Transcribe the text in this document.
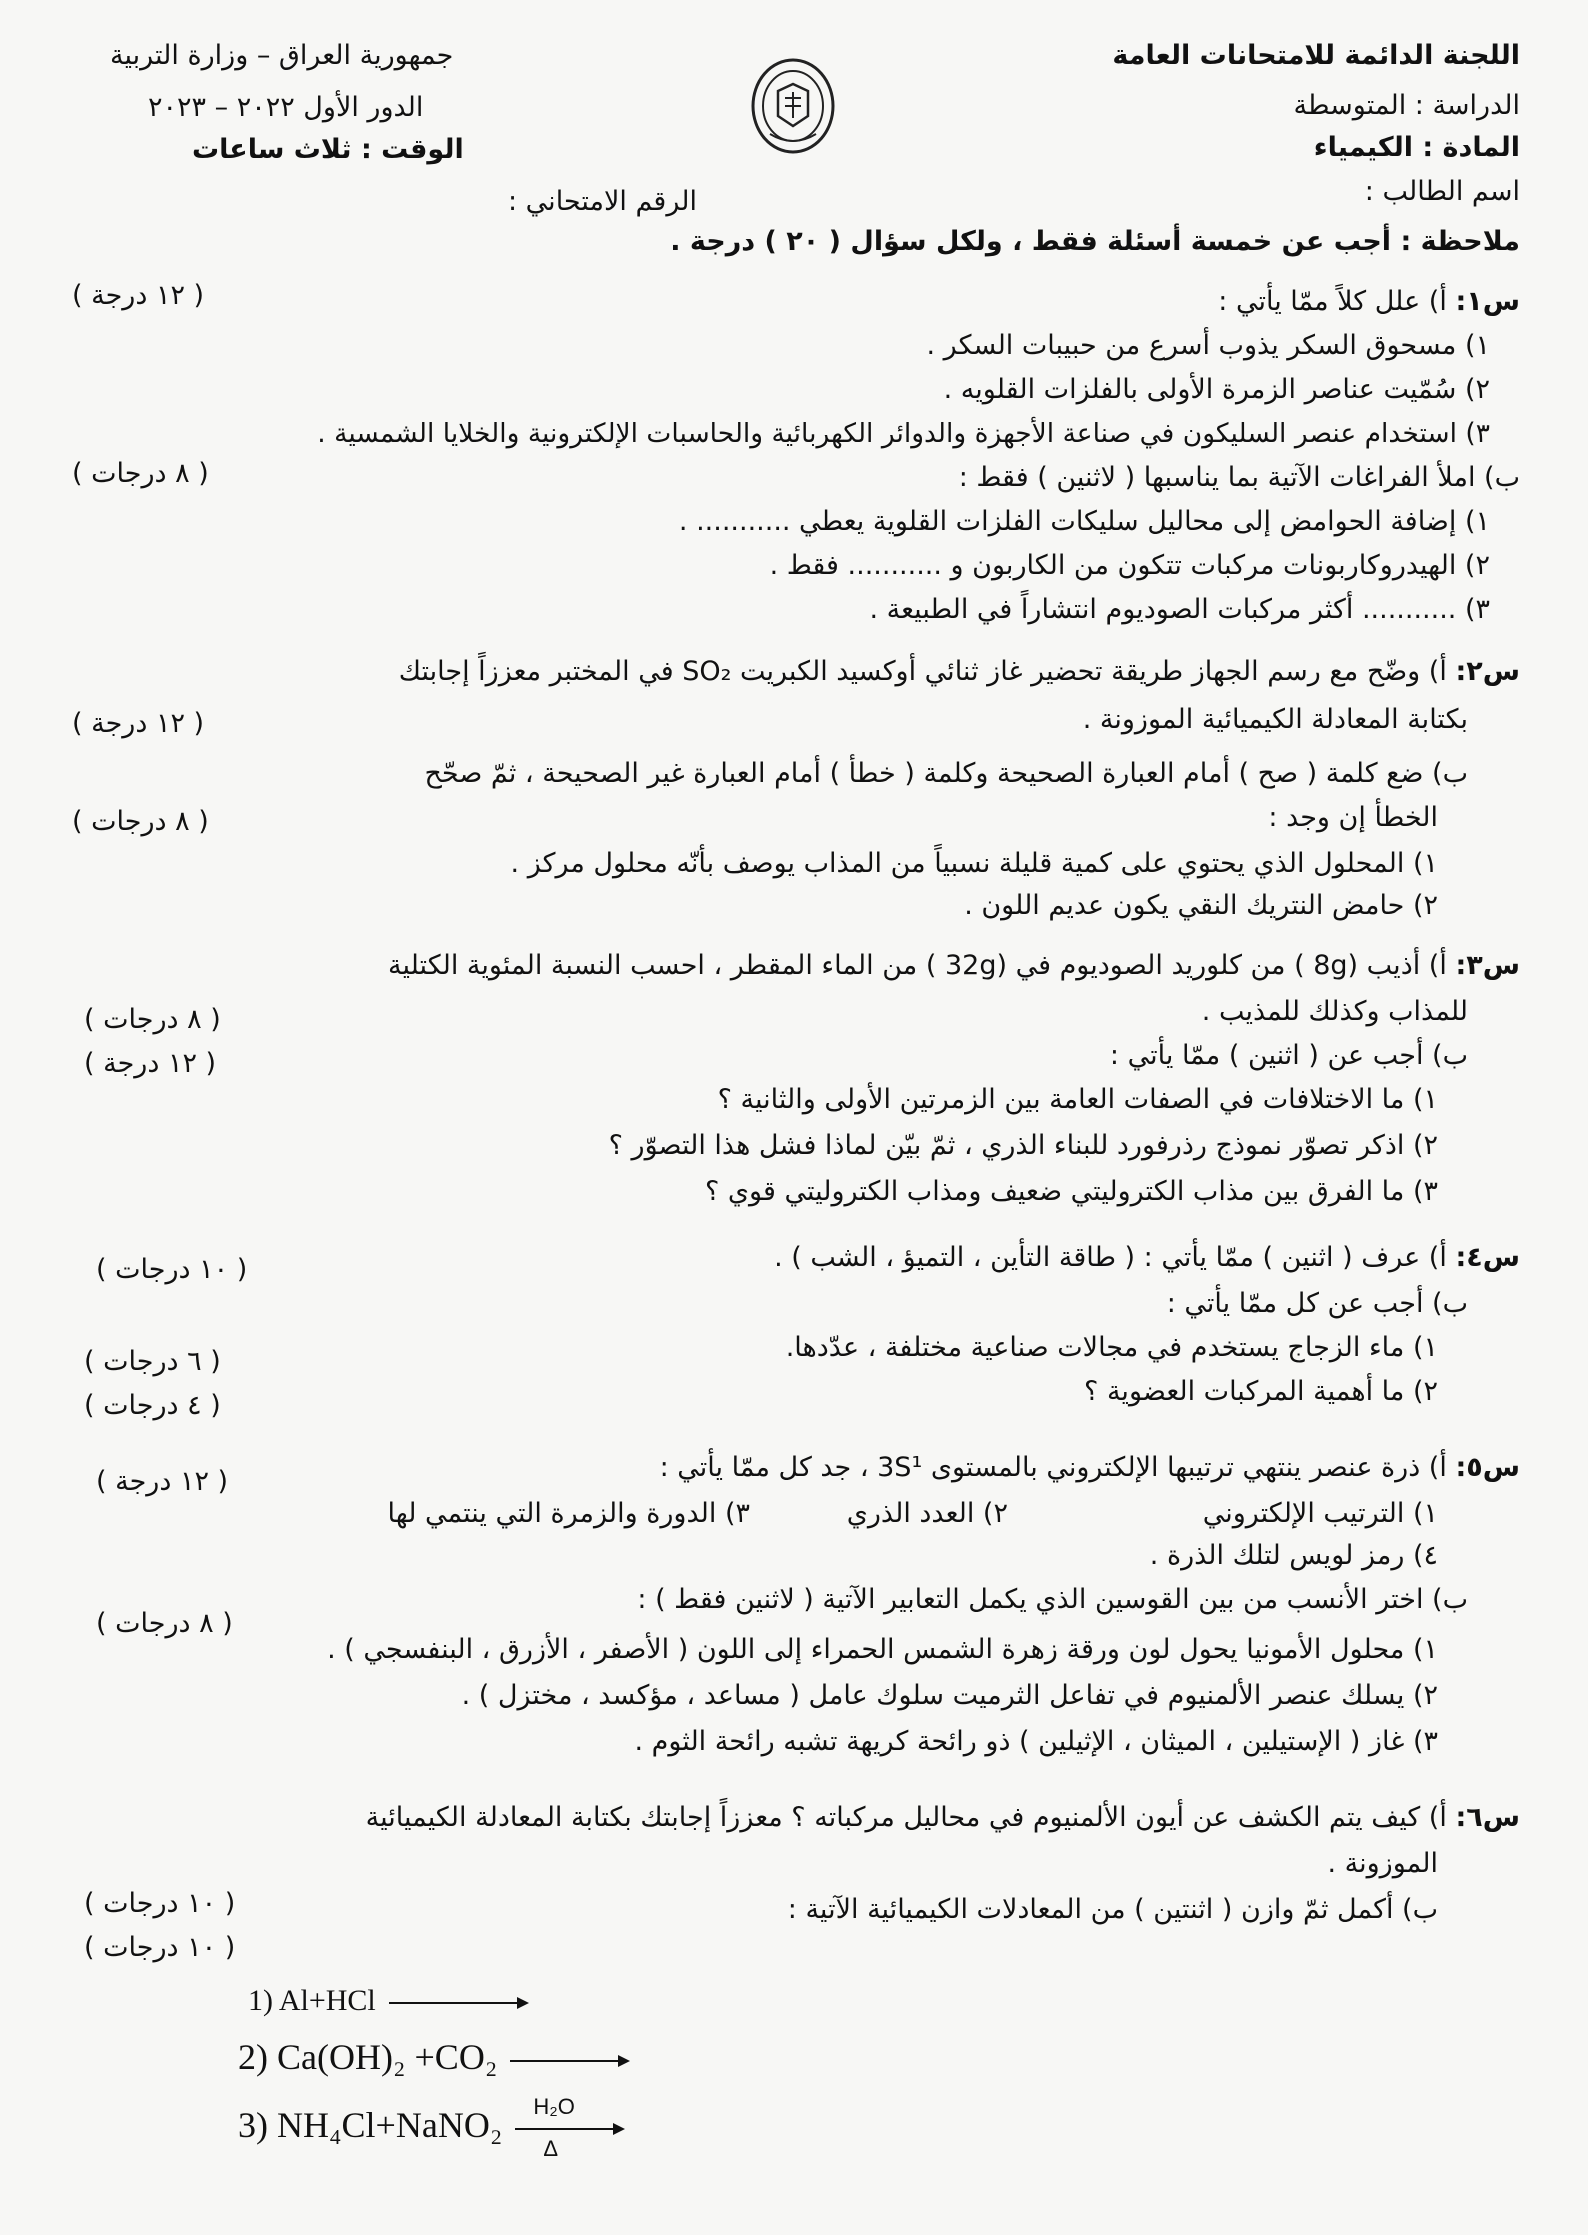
اللجنة الدائمة للامتحانات العامة
الدراسة : المتوسطة
المادة : الكيمياء
اسم الطالب :
جمهورية العراق – وزارة التربية
الدور الأول ٢٠٢٢ – ٢٠٢٣
الوقت : ثلاث ساعات
الرقم الامتحاني :
ملاحظة : أجب عن خمسة أسئلة فقط ، ولكل سؤال ( ٢٠ ) درجة .
س١: أ) علل كلاً ممّا يأتي :
( ١٢ درجة )
١) مسحوق السكر يذوب أسرع من حبيبات السكر .
٢) سُمّيت عناصر الزمرة الأولى بالفلزات القلويه .
٣) استخدام عنصر السليكون في صناعة الأجهزة والدوائر الكهربائية والحاسبات الإلكترونية والخلايا الشمسية .
ب) املأ الفراغات الآتية بما يناسبها ( لاثنين ) فقط :
( ٨ درجات )
١) إضافة الحوامض إلى محاليل سليكات الفلزات القلوية يعطي ........... .
٢) الهيدروكاربونات مركبات تتكون من الكاربون و ........... فقط .
٣) ........... أكثر مركبات الصوديوم انتشاراً في الطبيعة .
س٢: أ) وضّح مع رسم الجهاز طريقة تحضير غاز ثنائي أوكسيد الكبريت SO₂ في المختبر معززاً إجابتك
بكتابة المعادلة الكيميائية الموزونة .
( ١٢ درجة )
ب) ضع كلمة ( صح ) أمام العبارة الصحيحة وكلمة ( خطأ ) أمام العبارة غير الصحيحة ، ثمّ صحّح
الخطأ إن وجد :
( ٨ درجات )
١) المحلول الذي يحتوي على كمية قليلة نسبياً من المذاب يوصف بأنّه محلول مركز .
٢) حامض النتريك النقي يكون عديم اللون .
س٣: أ) أذيب (8g ) من كلوريد الصوديوم في (32g ) من الماء المقطر ، احسب النسبة المئوية الكتلية
للمذاب وكذلك للمذيب .
( ٨ درجات )
ب) أجب عن ( اثنين ) ممّا يأتي :
( ١٢ درجة )
١) ما الاختلافات في الصفات العامة بين الزمرتين الأولى والثانية ؟
٢) اذكر تصوّر نموذج رذرفورد للبناء الذري ، ثمّ بيّن لماذا فشل هذا التصوّر ؟
٣) ما الفرق بين مذاب الكتروليتي ضعيف ومذاب الكتروليتي قوي ؟
س٤: أ) عرف ( اثنين ) ممّا يأتي : ( طاقة التأين ، التميؤ ، الشب ) .
( ١٠ درجات )
ب) أجب عن كل ممّا يأتي :
١) ماء الزجاج يستخدم في مجالات صناعية مختلفة ، عدّدها.
٢) ما أهمية المركبات العضوية ؟
( ٦ درجات )
( ٤ درجات )
س٥: أ) ذرة عنصر ينتهي ترتيبها الإلكتروني بالمستوى 3S¹ ، جد كل ممّا يأتي :
( ١٢ درجة )
١) الترتيب الإلكتروني
٢) العدد الذري
٣) الدورة والزمرة التي ينتمي لها
٤) رمز لويس لتلك الذرة .
ب) اختر الأنسب من بين القوسين الذي يكمل التعابير الآتية ( لاثنين فقط ) :
( ٨ درجات )
١) محلول الأمونيا يحول لون ورقة زهرة الشمس الحمراء إلى اللون ( الأصفر ، الأزرق ، البنفسجي ) .
٢) يسلك عنصر الألمنيوم في تفاعل الثرميت سلوك عامل ( مساعد ، مؤكسد ، مختزل ) .
٣) غاز ( الإستيلين ، الميثان ، الإثيلين ) ذو رائحة كريهة تشبه رائحة الثوم .
س٦: أ) كيف يتم الكشف عن أيون الألمنيوم في محاليل مركباته ؟ معززاً إجابتك بكتابة المعادلة الكيميائية
الموزونة .
ب) أكمل ثمّ وازن ( اثنتين ) من المعادلات الكيميائية الآتية :
( ١٠ درجات )
( ١٠ درجات )
1) Al+HCl
2) Ca(OH)₂ +CO₂
3) NH₄Cl+NaNO₂ H₂O
Δ
